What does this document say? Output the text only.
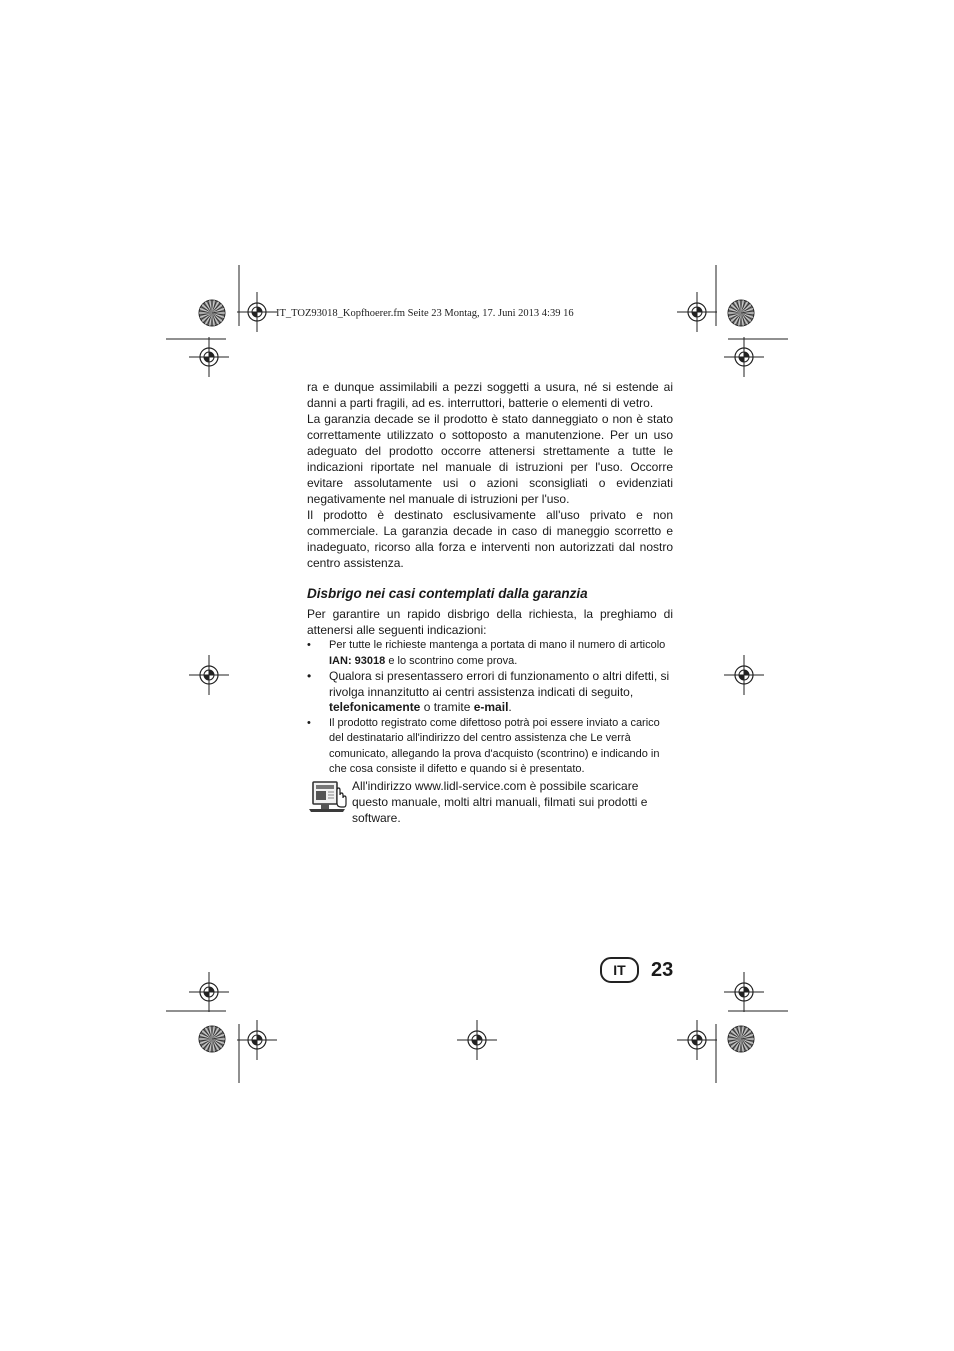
IT_TOZ93018_Kopfhoerer.fm Seite 23 Montag, 17. Juni 2013 4:39 16

ra e dunque assimilabili a pezzi soggetti a usura, né si estende ai danni a parti fragili, ad es. interruttori, batterie o elementi di vetro.

La garanzia decade se il prodotto è stato danneggiato o non è stato correttamente utilizzato o sottoposto a manutenzione. Per un uso adeguato del prodotto occorre attenersi strettamente a tutte le indicazioni riportate nel manuale di istruzioni per l'uso. Occorre evitare assolutamente usi o azioni sconsigliati o evidenziati negativamente nel manuale di istruzioni per l'uso.

Il prodotto è destinato esclusivamente all'uso privato e non commerciale. La garanzia decade in caso di maneggio scorretto e inadeguato, ricorso alla forza e interventi non autorizzati dal nostro centro assistenza.

Disbrigo nei casi contemplati dalla garanzia

Per garantire un rapido disbrigo della richiesta, la preghiamo di attenersi alle seguenti indicazioni:

• Per tutte le richieste mantenga a portata di mano il numero di articolo IAN: 93018 e lo scontrino come prova.
• Qualora si presentassero errori di funzionamento o altri difetti, si rivolga innanzitutto ai centri assistenza indicati di seguito, telefonicamente o tramite e-mail.
• Il prodotto registrato come difettoso potrà poi essere inviato a carico del destinatario all'indirizzo del centro assistenza che Le verrà comunicato, allegando la prova d'acquisto (scontrino) e indicando in che cosa consiste il difetto e quando si è presentato.
All'indirizzo www.lidl-service.com è possibile scaricare questo manuale, molti altri manuali, filmati sui prodotti e software.
IT	23
